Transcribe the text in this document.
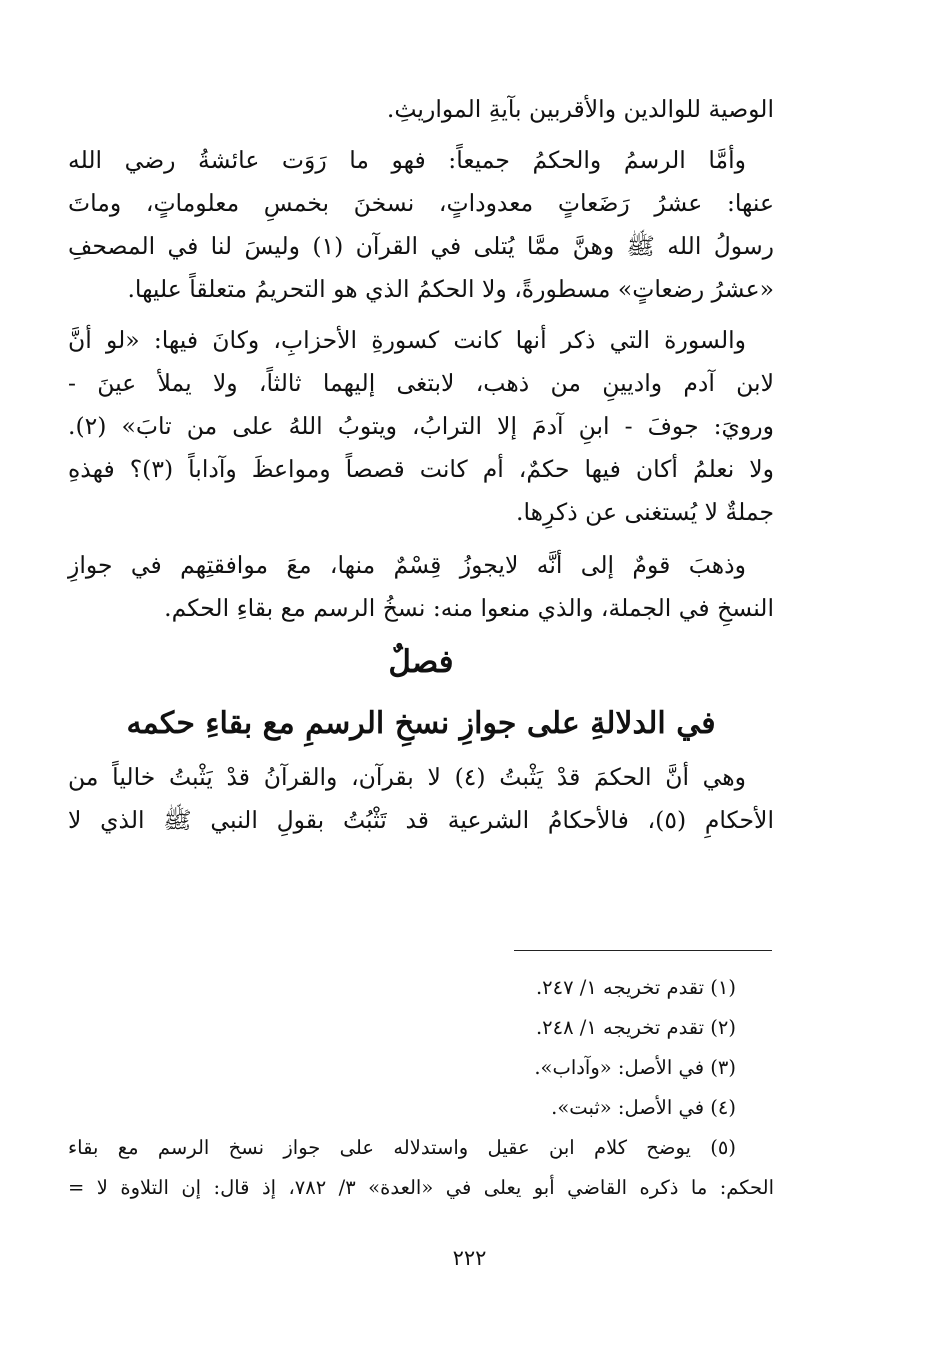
الوصية للوالدين والأقربين بآيةِ المواريثِ.

وأمَّا الرسمُ والحكمُ جميعاً: فهو ما رَوَت عائشةُ رضي الله
عنها: عشرُ رَضَعاتٍ معدوداتٍ، نسخنَ بخمسِ معلوماتٍ، وماتَ
رسولُ الله ﷺ وهنَّ ممَّا يُتلى في القرآن (١) وليسَ لنا في المصحفِ
«عشرُ رضعاتٍ» مسطورةً، ولا الحكمُ الذي هو التحريمُ متعلقاً عليها.

والسورة التي ذكر أنها كانت كسورةِ الأحزابِ، وكانَ فيها: «لو أنَّ
لابن آدم واديينِ من ذهب، لابتغى إليهما ثالثاً، ولا يملأ عينَ -
ورويَ: جوفَ - ابنِ آدمَ إلا الترابُ، ويتوبُ اللهُ على من تابَ» (٢).
ولا نعلمُ أكان فيها حكمٌ، أم كانت قصصاً ومواعظَ وآداباً (٣)؟ فهذهِ
جملةٌ لا يُستغنى عن ذكرِها.

وذهبَ قومٌ إلى أنَّه لايجوزُ قِسْمٌ منها، معَ موافقتِهم في جوازِ
النسخِ في الجملة، والذي منعوا منه: نسخُ الرسم مع بقاءِ الحكم.

فصلٌ
في الدلالةِ على جوازِ نسخِ الرسمِ مع بقاءِ حكمه

وهي أنَّ الحكمَ قدْ يَثْبتُ (٤) لا بقرآن، والقرآنُ قدْ يَثْبتُ خالياً من
الأحكامِ (٥)، فالأحكامُ الشرعية قد تَثْبُتُ بقولِ النبي ﷺ الذي لا

(١) تقدم تخريجه ١/ ٢٤٧.
(٢) تقدم تخريجه ١/ ٢٤٨.
(٣) في الأصل: «وآداب».
(٤) في الأصل: «ثبت».
(٥) يوضح كلام ابن عقيل واستدلاله على جواز نسخ الرسم مع بقاء
الحكم: ما ذكره القاضي أبو يعلى في «العدة» ٣/ ٧٨٢، إذ قال: إن التلاوة لا =
٢٢٢
